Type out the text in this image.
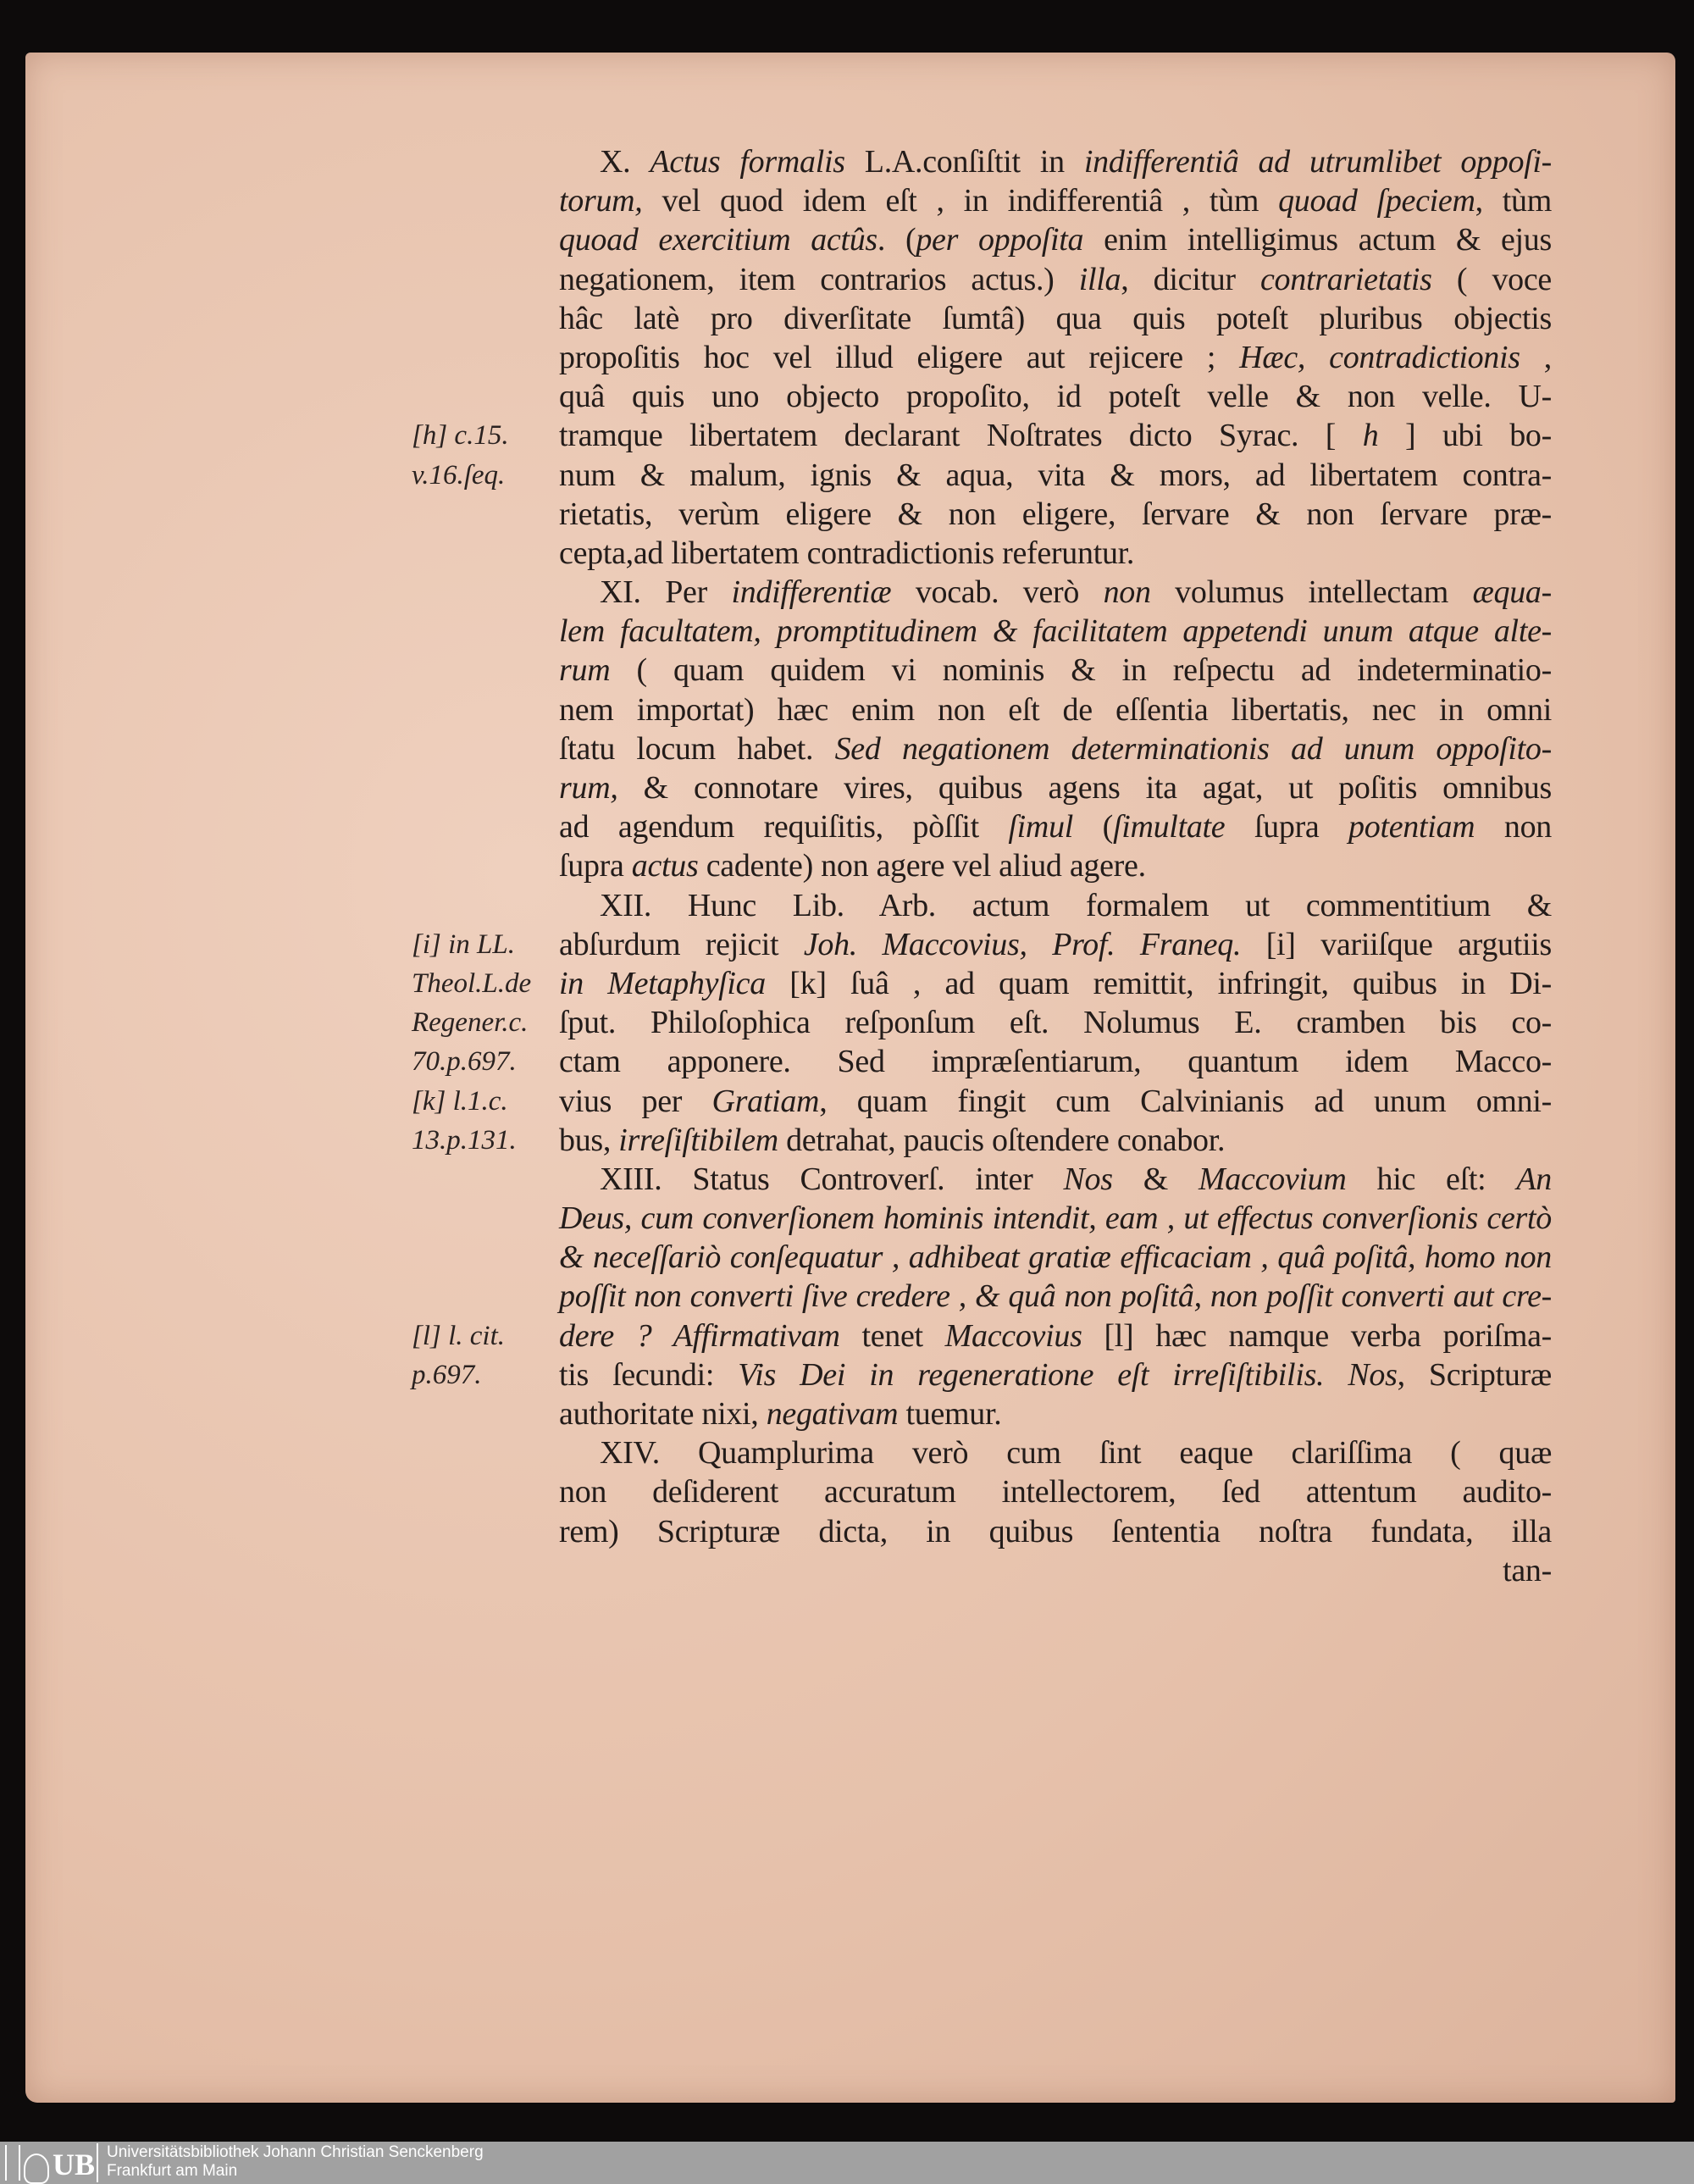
X. Actus formalis L.A.conſiſtit in indifferentiâ ad utrumlibet oppoſi-
torum, vel quod idem eſt , in indifferentiâ , tùm quoad ſpeciem, tùm
quoad exercitium actûs. (per oppoſita enim intelligimus actum & ejus
negationem, item contrarios actus.) illa, dicitur contrarietatis ( voce
hâc latè pro diverſitate ſumtâ) qua quis poteſt pluribus objectis
propoſitis hoc vel illud eligere aut rejicere ; Hæc, contradictionis ,
quâ quis uno objecto propoſito, id poteſt velle & non velle. U-
tramque libertatem declarant Noſtrates dicto Syrac. [ h ] ubi bo-
[h] c.15.
num & malum, ignis & aqua, vita & mors, ad libertatem contra-
v.16.ſeq.
rietatis, verùm eligere & non eligere, ſervare & non ſervare præ-
cepta,ad libertatem contradictionis referuntur.
XI. Per indifferentiæ vocab. verò non volumus intellectam æqua-
lem facultatem, promptitudinem & facilitatem appetendi unum atque alte-
rum ( quam quidem vi nominis & in reſpectu ad indeterminatio-
nem importat) hæc enim non eſt de eſſentia libertatis, nec in omni
ſtatu locum habet. Sed negationem determinationis ad unum oppoſito-
rum, & connotare vires, quibus agens ita agat, ut poſitis omnibus
ad agendum requiſitis, pòſſit ſimul (ſimultate ſupra potentiam non
ſupra actus cadente) non agere vel aliud agere.
XII. Hunc Lib. Arb. actum formalem ut commentitium &
abſurdum rejicit Joh. Maccovius, Prof. Franeq. [i] variiſque argutiis
[i] in LL.
in Metaphyſica [k] ſuâ , ad quam remittit, infringit, quibus in Di-
Theol.L.de
ſput. Philoſophica reſponſum eſt. Nolumus E. cramben bis co-
Regener.c.
ctam apponere. Sed impræſentiarum, quantum idem Macco-
70.p.697.
vius per Gratiam, quam fingit cum Calvinianis ad unum omni-
[k] l.1.c.
bus, irreſiſtibilem detrahat, paucis oſtendere conabor.
13.p.131.
XIII. Status Controverſ. inter Nos & Maccovium hic eſt: An
Deus, cum converſionem hominis intendit, eam , ut effectus converſionis certò
& neceſſariò conſequatur , adhibeat gratiæ efficaciam , quâ poſitâ, homo non
poſſit non converti ſive credere , & quâ non poſitâ, non poſſit converti aut cre-
dere ? Affirmativam tenet Maccovius [l] hæc namque verba poriſma-
[l] l. cit.
tis ſecundi: Vis Dei in regeneratione eſt irreſiſtibilis. Nos, Scripturæ
p.697.
authoritate nixi, negativam tuemur.
XIV. Quamplurima verò cum ſint eaque clariſſima ( quæ
non deſiderent accuratum intellectorem, ſed attentum audito-
rem) Scripturæ dicta, in quibus ſententia noſtra fundata, illa
tan-
UB Universitätsbibliothek Johann Christian Senckenberg
Frankfurt am Main
